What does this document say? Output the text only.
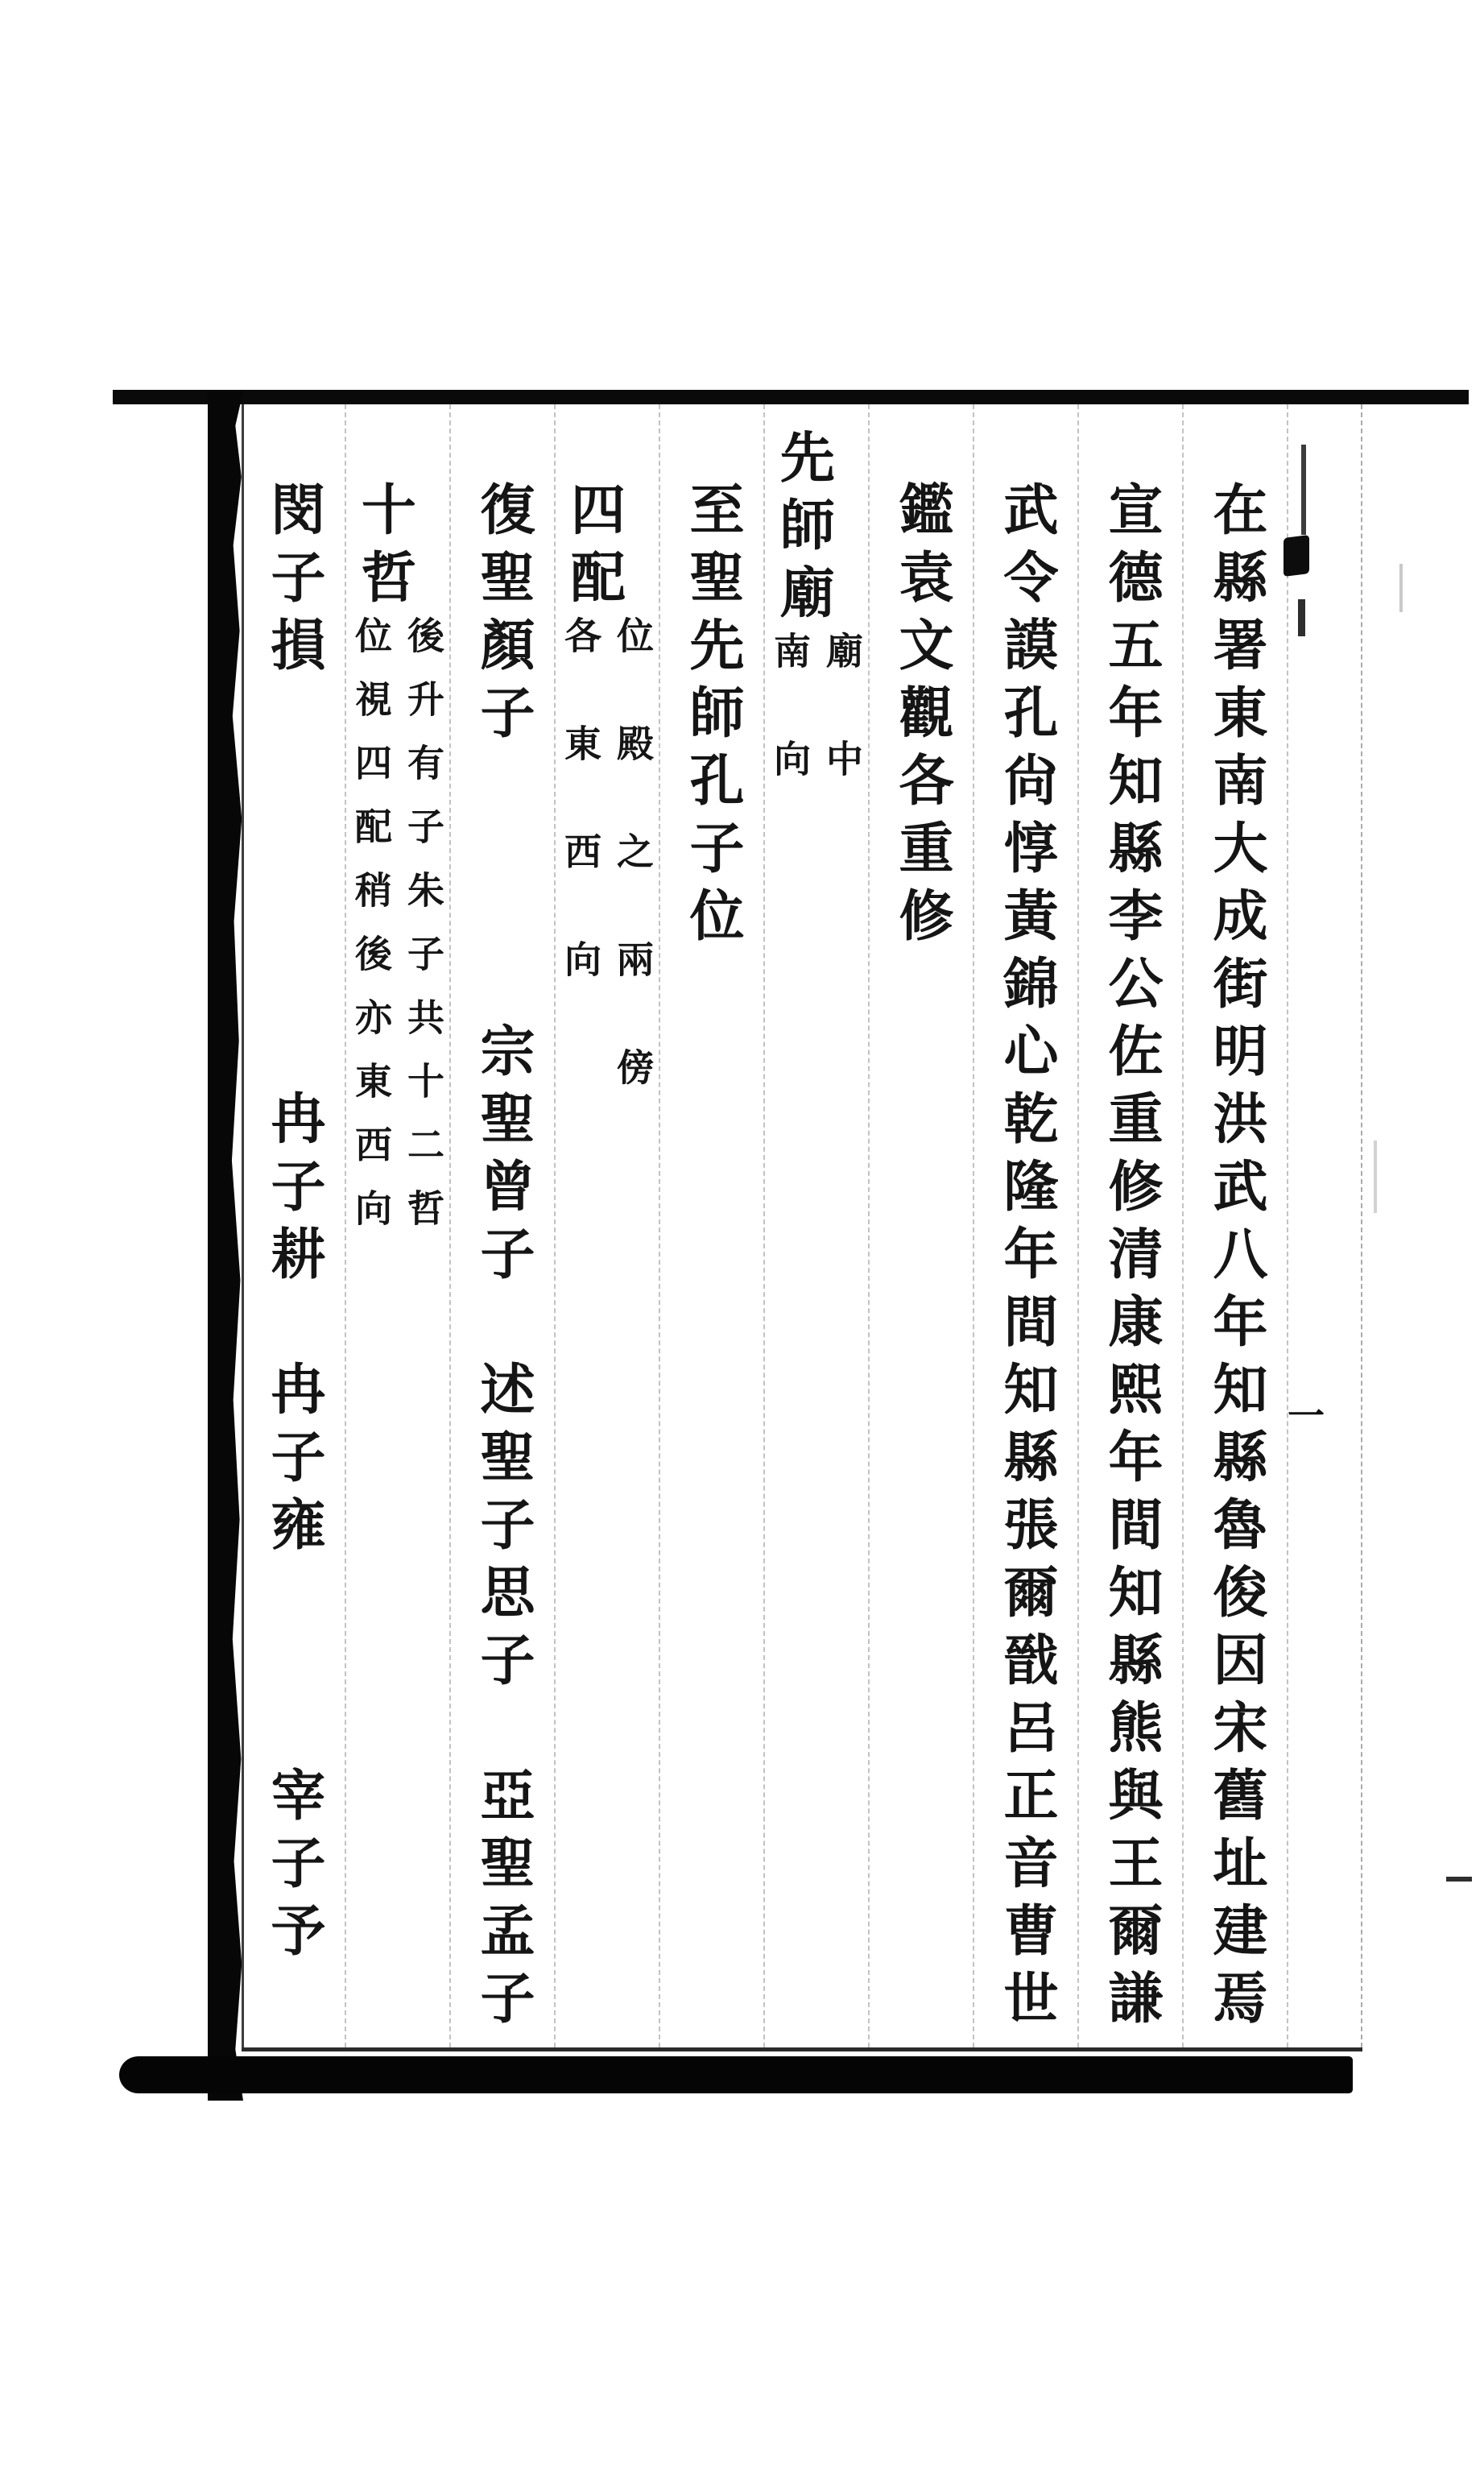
在縣署東南大成街明洪武八年知縣魯俊因宋舊址建焉
宣德五年知縣李公佐重修清康熙年間知縣熊與王爾謙
武令謨孔尙惇黃錦心乾隆年間知縣張爾戩呂正音曹世
鑑袁文觀各重修
先師廟
廟中
南向
至聖先師孔子位
四配
位殿之兩傍
各東西向
復聖顏子宗聖曾子述聖子思子亞聖孟子
十哲
後升有子朱子共十二哲
位視四配稍後亦東西向
閔子損冉子耕冉子雍宰子予
一
